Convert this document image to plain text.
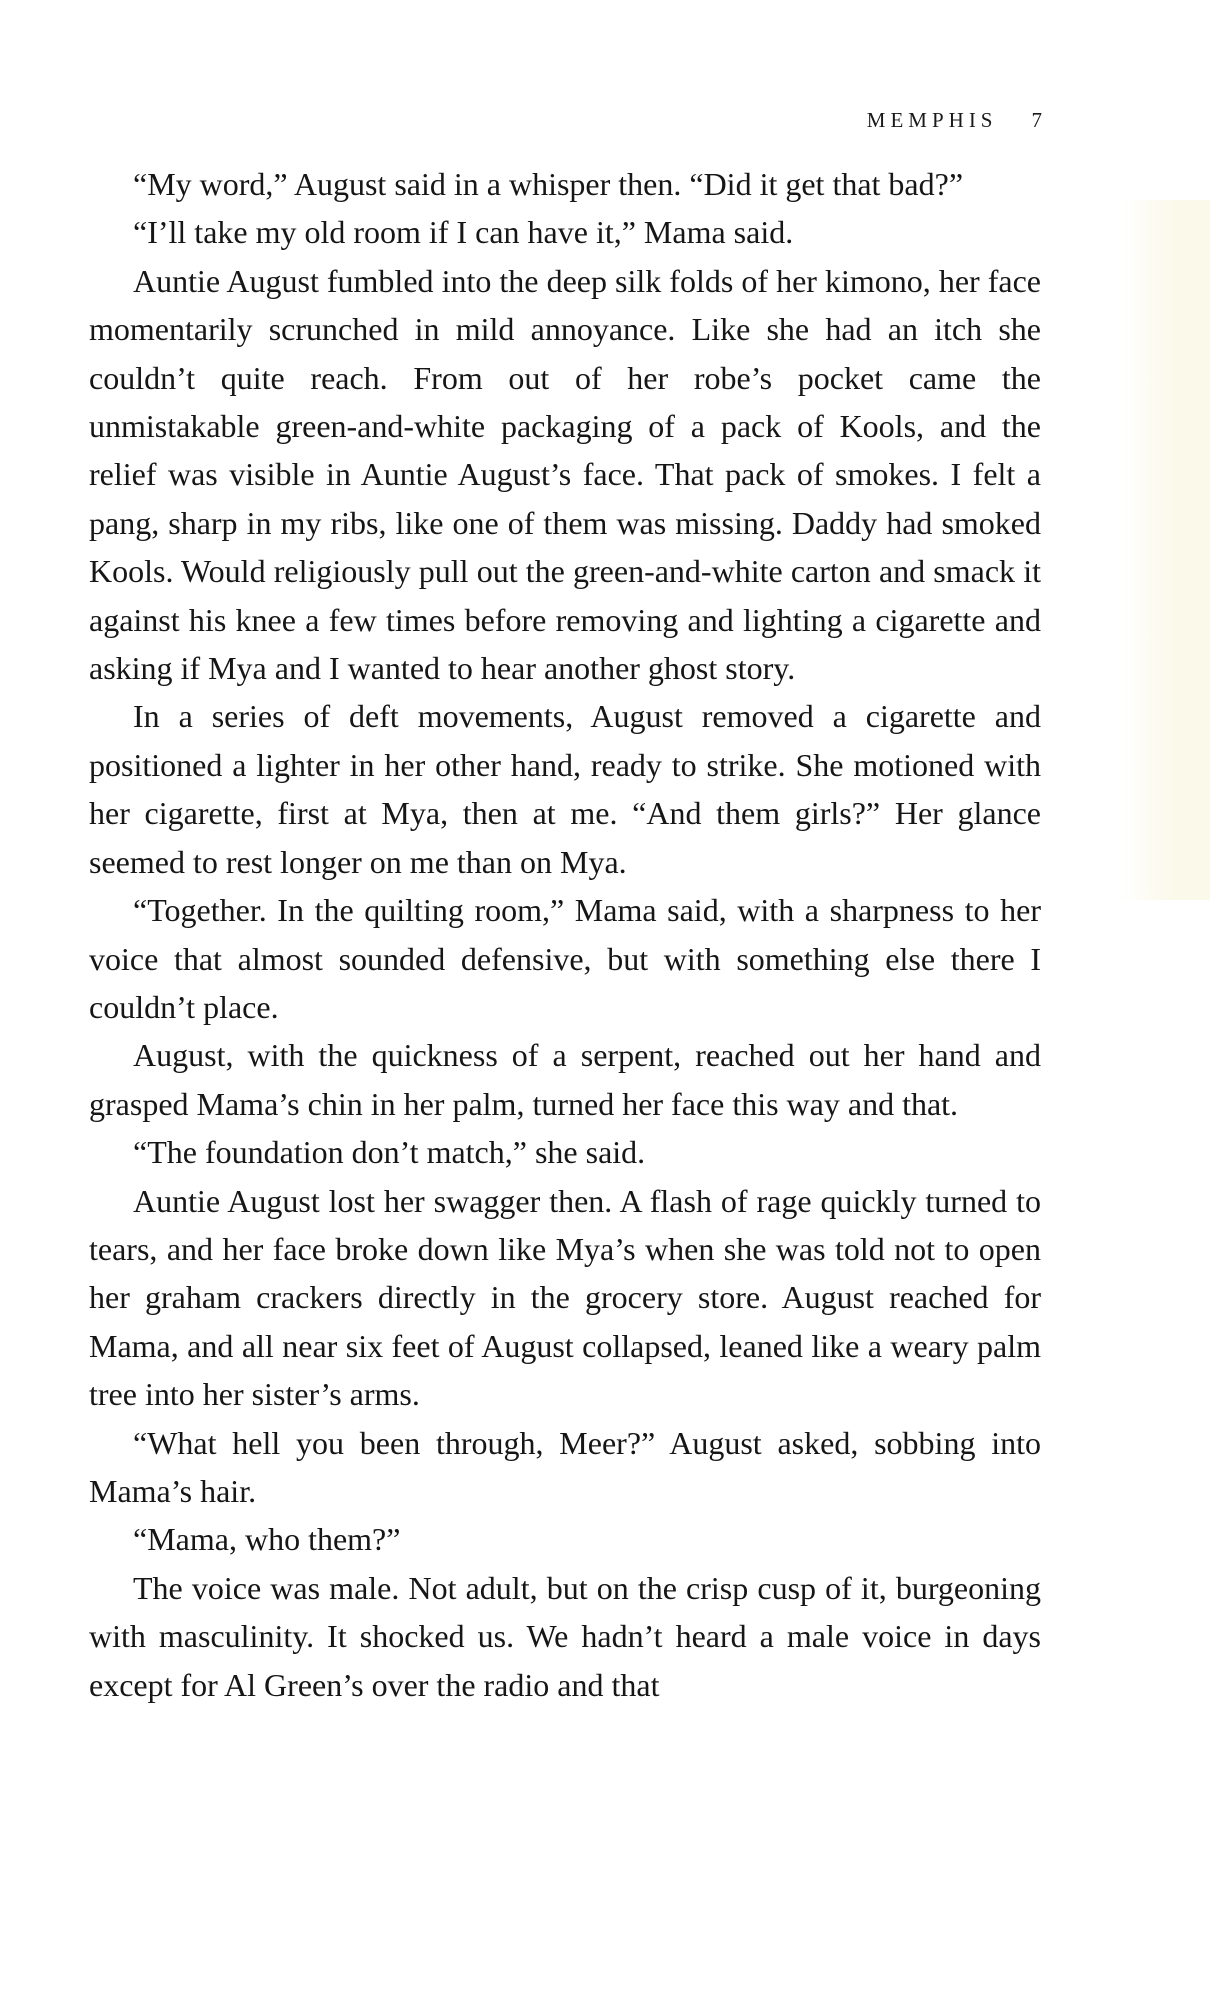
MEMPHIS 7

“My word,” August said in a whisper then. “Did it get that bad?”

“I’ll take my old room if I can have it,” Mama said.

Auntie August fumbled into the deep silk folds of her kimono, her face momentarily scrunched in mild annoyance. Like she had an itch she couldn’t quite reach. From out of her robe’s pocket came the unmistakable green-and-white packaging of a pack of Kools, and the relief was visible in Auntie August’s face. That pack of smokes. I felt a pang, sharp in my ribs, like one of them was missing. Daddy had smoked Kools. Would religiously pull out the green-and-white carton and smack it against his knee a few times before removing and lighting a cigarette and asking if Mya and I wanted to hear another ghost story.

In a series of deft movements, August removed a cigarette and positioned a lighter in her other hand, ready to strike. She motioned with her cigarette, first at Mya, then at me. “And them girls?” Her glance seemed to rest longer on me than on Mya.

“Together. In the quilting room,” Mama said, with a sharpness to her voice that almost sounded defensive, but with something else there I couldn’t place.

August, with the quickness of a serpent, reached out her hand and grasped Mama’s chin in her palm, turned her face this way and that.

“The foundation don’t match,” she said.

Auntie August lost her swagger then. A flash of rage quickly turned to tears, and her face broke down like Mya’s when she was told not to open her graham crackers directly in the grocery store. August reached for Mama, and all near six feet of August collapsed, leaned like a weary palm tree into her sister’s arms.

“What hell you been through, Meer?” August asked, sobbing into Mama’s hair.

“Mama, who them?”

The voice was male. Not adult, but on the crisp cusp of it, burgeoning with masculinity. It shocked us. We hadn’t heard a male voice in days except for Al Green’s over the radio and that
